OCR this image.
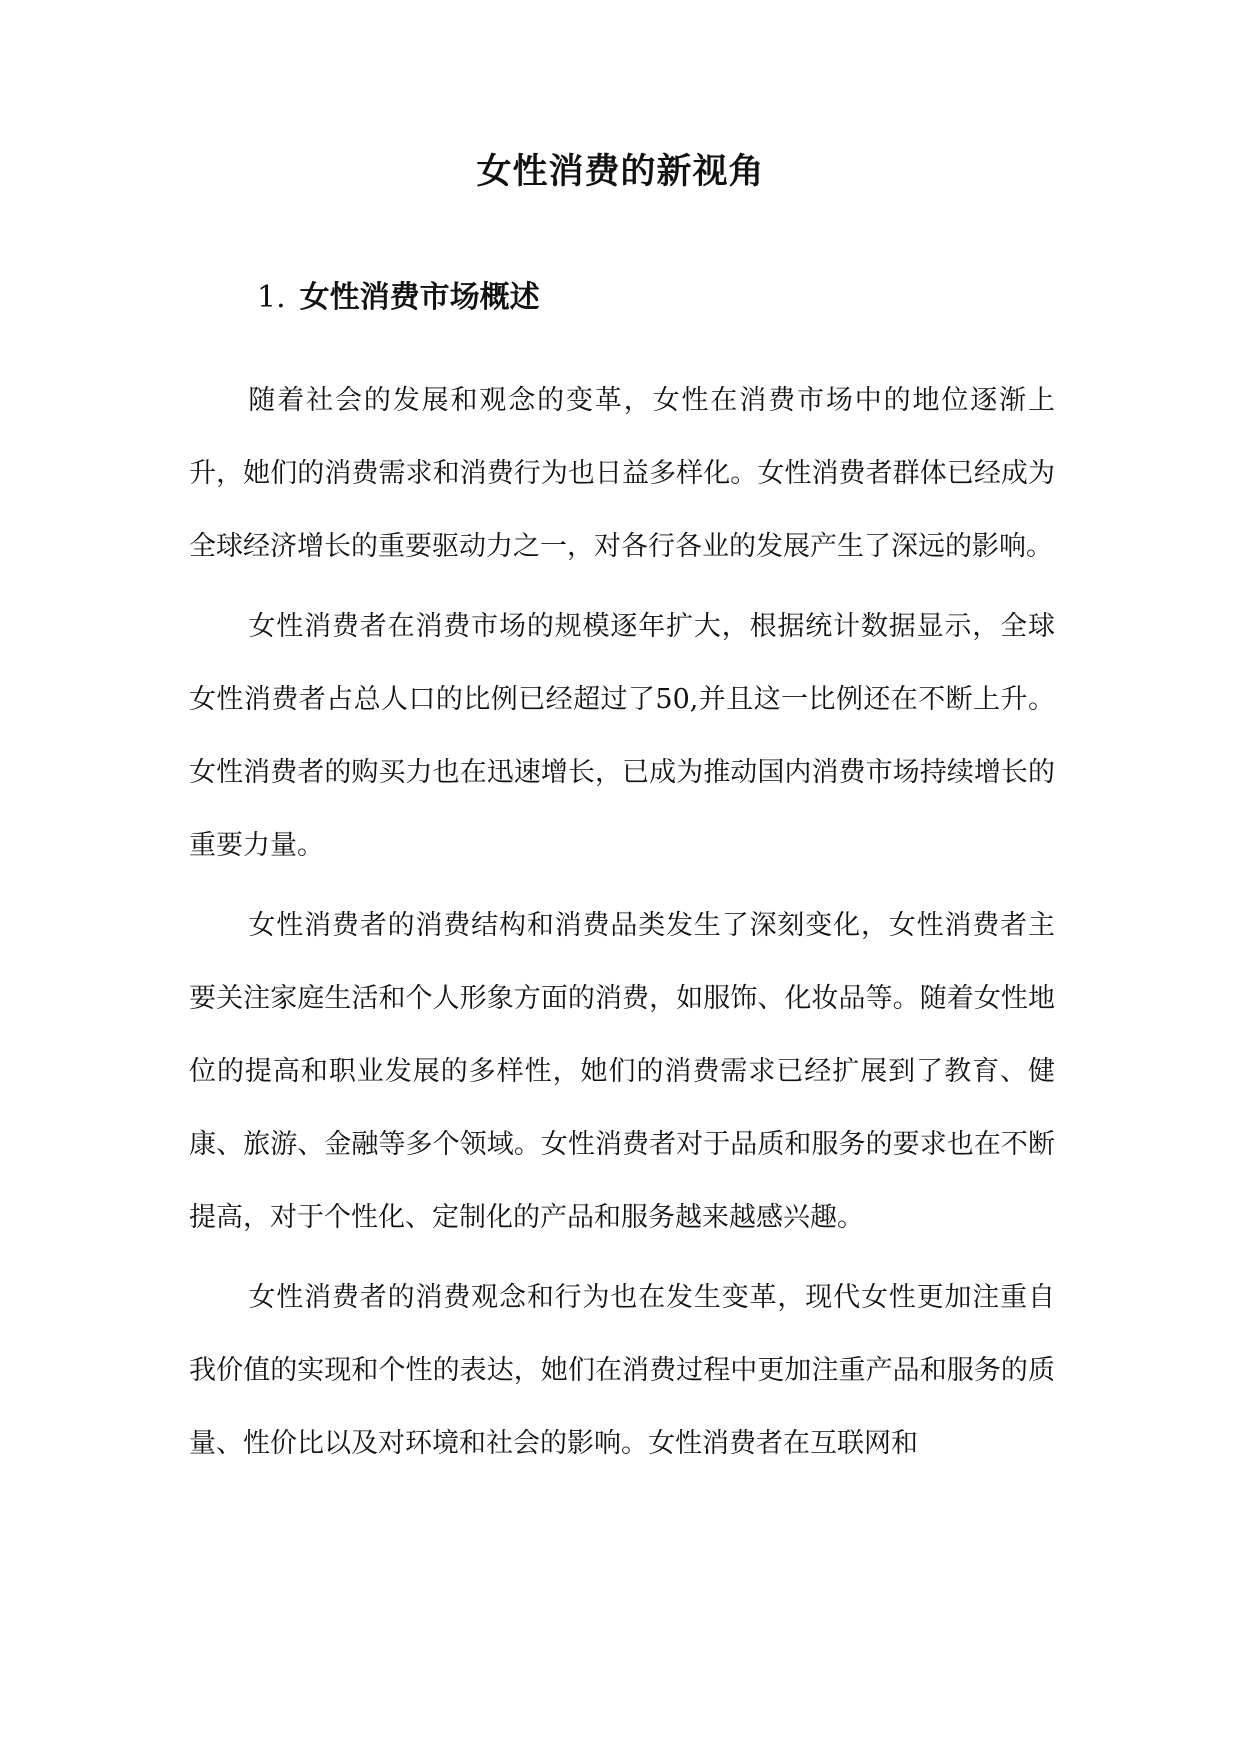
女性消费的新视角
1. 女性消费市场概述

随着社会的发展和观念的变革，女性在消费市场中的地位逐渐上升，她们的消费需求和消费行为也日益多样化。女性消费者群体已经成为全球经济增长的重要驱动力之一，对各行各业的发展产生了深远的影响。

女性消费者在消费市场的规模逐年扩大，根据统计数据显示，全球女性消费者占总人口的比例已经超过了50,并且这一比例还在不断上升。女性消费者的购买力也在迅速增长，已成为推动国内消费市场持续增长的重要力量。

女性消费者的消费结构和消费品类发生了深刻变化，女性消费者主要关注家庭生活和个人形象方面的消费，如服饰、化妆品等。随着女性地位的提高和职业发展的多样性，她们的消费需求已经扩展到了教育、健康、旅游、金融等多个领域。女性消费者对于品质和服务的要求也在不断提高，对于个性化、定制化的产品和服务越来越感兴趣。

女性消费者的消费观念和行为也在发生变革，现代女性更加注重自我价值的实现和个性的表达，她们在消费过程中更加注重产品和服务的质量、性价比以及对环境和社会的影响。女性消费者在互联网和
